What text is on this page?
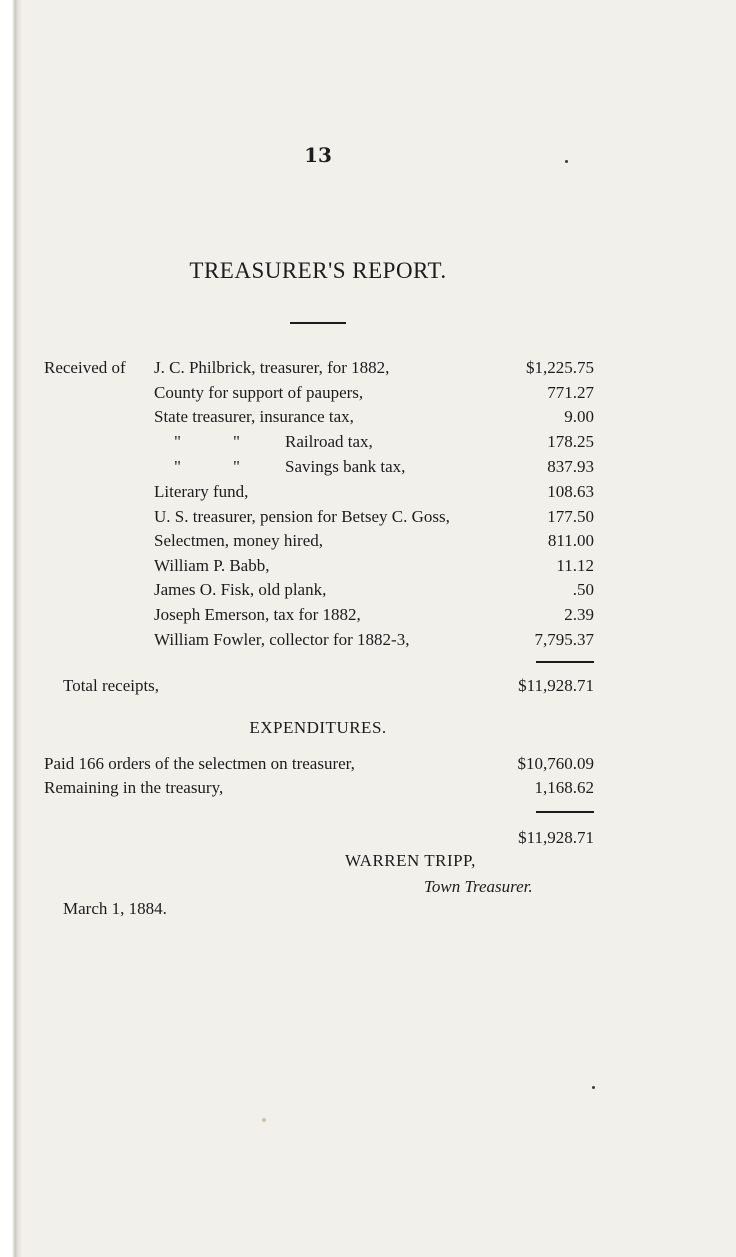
13
TREASURER'S REPORT.
Received of J. C. Philbrick, treasurer, for 1882,	$1,225.75
County for support of paupers,	771.27
State treasurer, insurance tax,	9.00
"	"	Railroad tax,	178.25
"	"	Savings bank tax,	837.93
Literary fund,	108.63
U. S. treasurer, pension for Betsey C. Goss,	177.50
Selectmen, money hired,	811.00
William P. Babb,	11.12
James O. Fisk, old plank,	.50
Joseph Emerson, tax for 1882,	2.39
William Fowler, collector for 1882-3,	7,795.37
Total receipts,	$11,928.71
EXPENDITURES.
Paid 166 orders of the selectmen on treasurer,	$10,760.09
Remaining in the treasury,	1,168.62
$11,928.71
WARREN TRIPP,
Town Treasurer.
March 1, 1884.
